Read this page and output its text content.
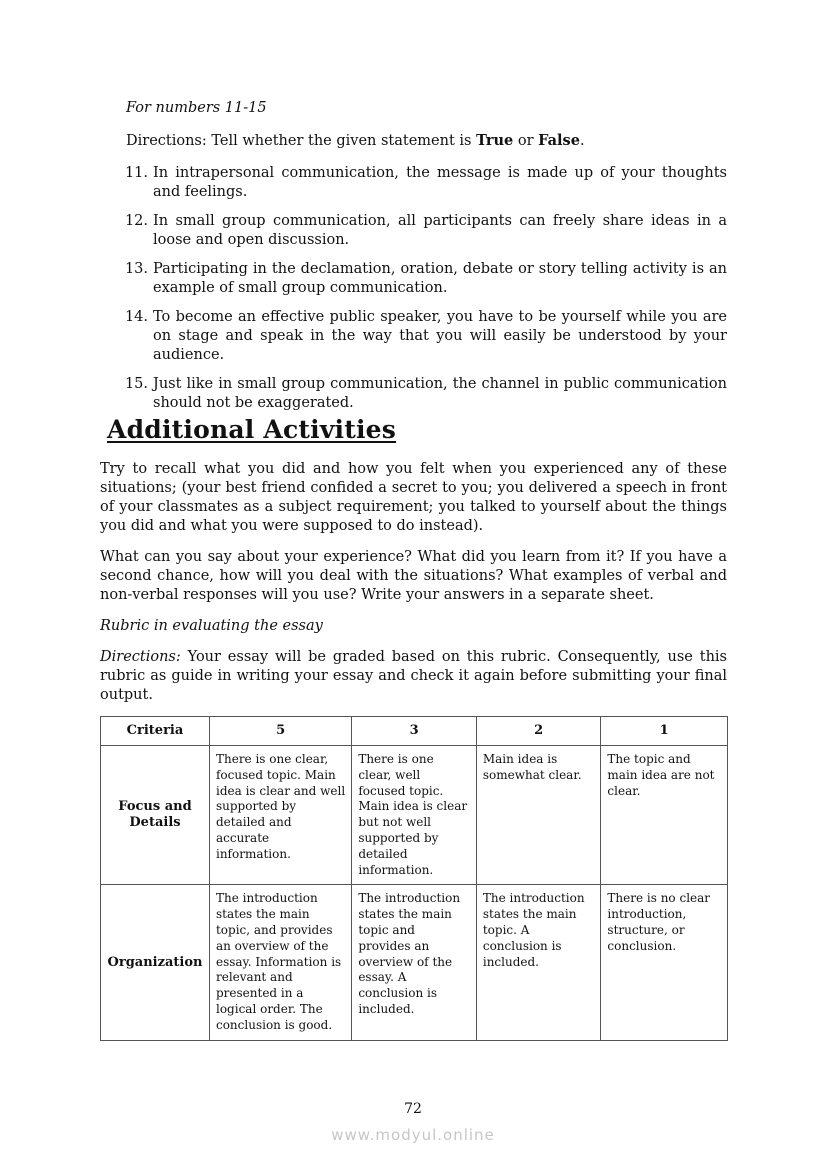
For numbers 11-15
Directions: Tell whether the given statement is True or False.
11. In intrapersonal communication, the message is made up of your thoughts and feelings.
12. In small group communication, all participants can freely share ideas in a loose and open discussion.
13. Participating in the declamation, oration, debate or story telling activity is an example of small group communication.
14. To become an effective public speaker, you have to be yourself while you are on stage and speak in the way that you will easily be understood by your audience.
15. Just like in small group communication, the channel in public communication should not be exaggerated.
Additional Activities

Try to recall what you did and how you felt when you experienced any of these situations; (your best friend confided a secret to you; you delivered a speech in front of your classmates as a subject requirement; you talked to yourself about the things you did and what you were supposed to do instead).

What can you say about your experience? What did you learn from it? If you have a second chance, how will you deal with the situations? What examples of verbal and non-verbal responses will you use? Write your answers in a separate sheet.

Rubric in evaluating the essay

Directions: Your essay will be graded based on this rubric. Consequently, use this rubric as guide in writing your essay and check it again before submitting your final output.

Criteria	5	3	2	1
Focus and Details	There is one clear, focused topic. Main idea is clear and well supported by detailed and accurate information.	There is one clear, well focused topic. Main idea is clear but not well supported by detailed information.	Main idea is somewhat clear.	The topic and main idea are not clear.
Organization	The introduction states the main topic, and provides an overview of the essay. Information is relevant and presented in a logical order. The conclusion is good.	The introduction states the main topic and provides an overview of the essay. A conclusion is included.	The introduction states the main topic. A conclusion is included.	There is no clear introduction, structure, or conclusion.
72
www.modyul.online
